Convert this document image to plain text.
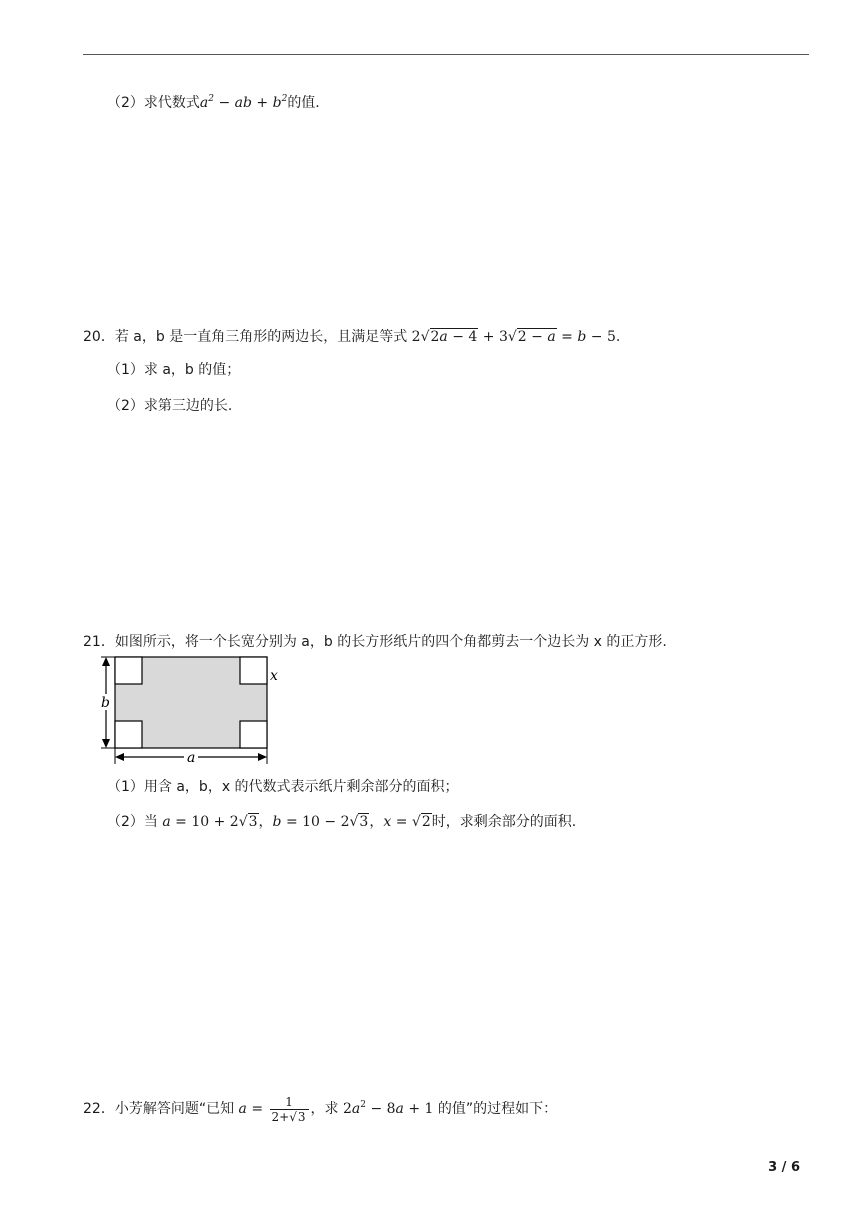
（2）求代数式$a^2$ − ab + $b^2$的值.
20．若 a，b 是一直角三角形的两边长，且满足等式 2√2a − 4 + 3√2 − a = b − 5.
（1）求 a，b 的值；
（2）求第三边的长.
21．如图所示，将一个长宽分别为 a，b 的长方形纸片的四个角都剪去一个边长为 x 的正方形.
b
a
x
（1）用含 a，b，x 的代数式表示纸片剩余部分的面积；
（2）当 a = 10 + 2√3，b = 10 − 2√3，x = √2时，求剩余部分的面积.
22．小芳解答问题“已知 $a = \frac{1}{2+√3}$ ，求 $2a^2 - 8a + 1$ 的值”的过程如下：
3 / 6
